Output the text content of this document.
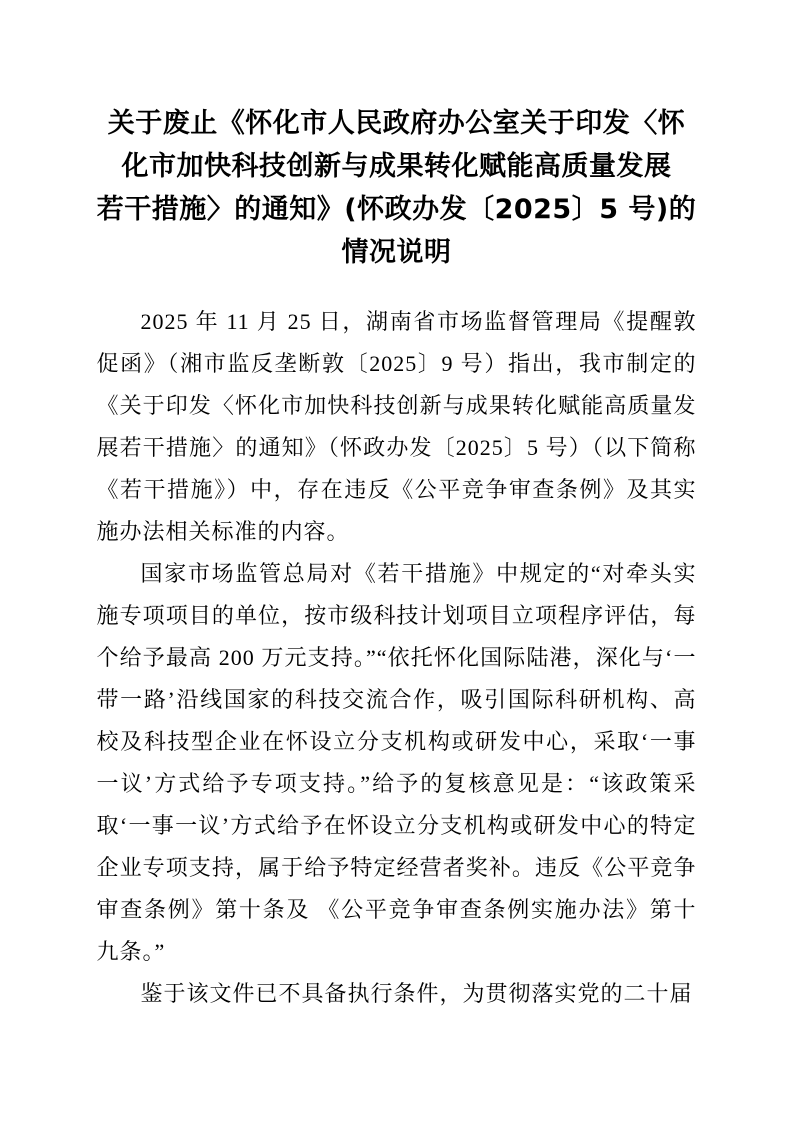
关于废止《怀化市人民政府办公室关于印发〈怀
化市加快科技创新与成果转化赋能高质量发展
若干措施〉的通知》(怀政办发〔2025〕5 号)的
情况说明

2025 年 11 月 25 日，湖南省市场监督管理局《提醒敦促函》（湘市监反垄断敦〔2025〕9 号）指出，我市制定的《关于印发〈怀化市加快科技创新与成果转化赋能高质量发展若干措施〉的通知》（怀政办发〔2025〕5 号）（以下简称《若干措施》）中，存在违反《公平竞争审查条例》及其实施办法相关标准的内容。

国家市场监管总局对《若干措施》中规定的“对牵头实施专项项目的单位，按市级科技计划项目立项程序评估，每个给予最高 200 万元支持。”“依托怀化国际陆港，深化与‘一带一路’沿线国家的科技交流合作，吸引国际科研机构、高校及科技型企业在怀设立分支机构或研发中心，采取‘一事一议’方式给予专项支持。”给予的复核意见是：“该政策采取‘一事一议’方式给予在怀设立分支机构或研发中心的特定企业专项支持，属于给予特定经营者奖补。违反《公平竞争审查条例》第十条及 《公平竞争审查条例实施办法》第十九条。”

鉴于该文件已不具备执行条件，为贯彻落实党的二十届
